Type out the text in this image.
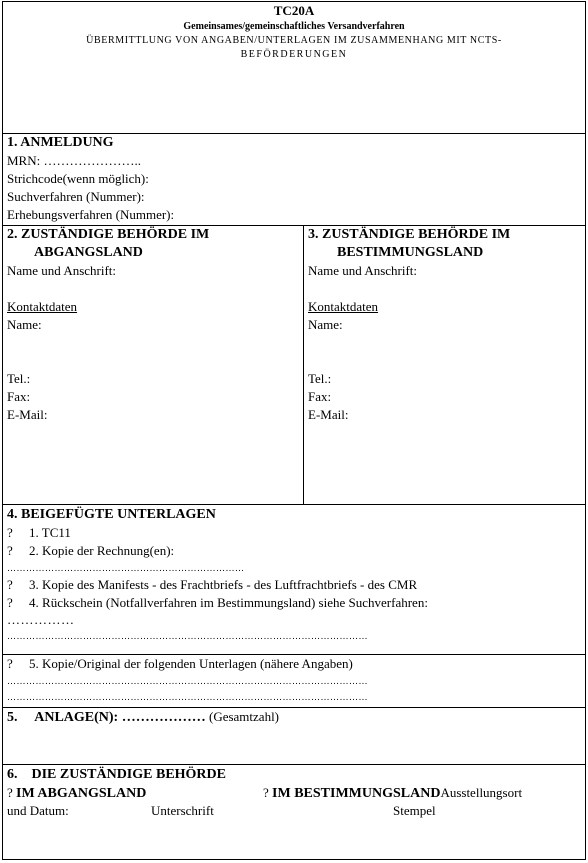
TC20A
Gemeinsames/gemeinschaftliches Versandverfahren
ÜBERMITTLUNG VON ANGABEN/UNTERLAGEN IM ZUSAMMENHANG MIT NCTS-
BEFÖRDERUNGEN
1. ANMELDUNG
MRN: …………………..
Strichcode(wenn möglich):
Suchverfahren (Nummer):
Erhebungsverfahren (Nummer):
2. ZUSTÄNDIGE BEHÖRDE IM
ABGANGSLAND
Name und Anschrift:
Kontaktdaten
Name:
Tel.:
Fax:
E-Mail:
3. ZUSTÄNDIGE BEHÖRDE IM
BESTIMMUNGSLAND
Name und Anschrift:
Kontaktdaten
Name:
Tel.:
Fax:
E-Mail:
4. BEIGEFÜGTE UNTERLAGEN
?     1. TC11
?     2. Kopie der Rechnung(en):
…………………………………………………………………
?     3. Kopie des Manifests - des Frachtbriefs - des Luftfrachtbriefs - des CMR
?     4. Rückschein (Notfallverfahren im Bestimmungsland) siehe Suchverfahren:
……………
……………………………………………………………………………………………………
?     5. Kopie/Original der folgenden Unterlagen (nähere Angaben)
……………………………………………………………………………………………………
……………………………………………………………………………………………………
5.     ANLAGE(N): ……………… (Gesamtzahl)
6.    DIE ZUSTÄNDIGE BEHÖRDE
? IM ABGANGSLAND	? IM BESTIMMUNGSLANDAusstellungsort
und Datum:	Unterschrift	Stempel
